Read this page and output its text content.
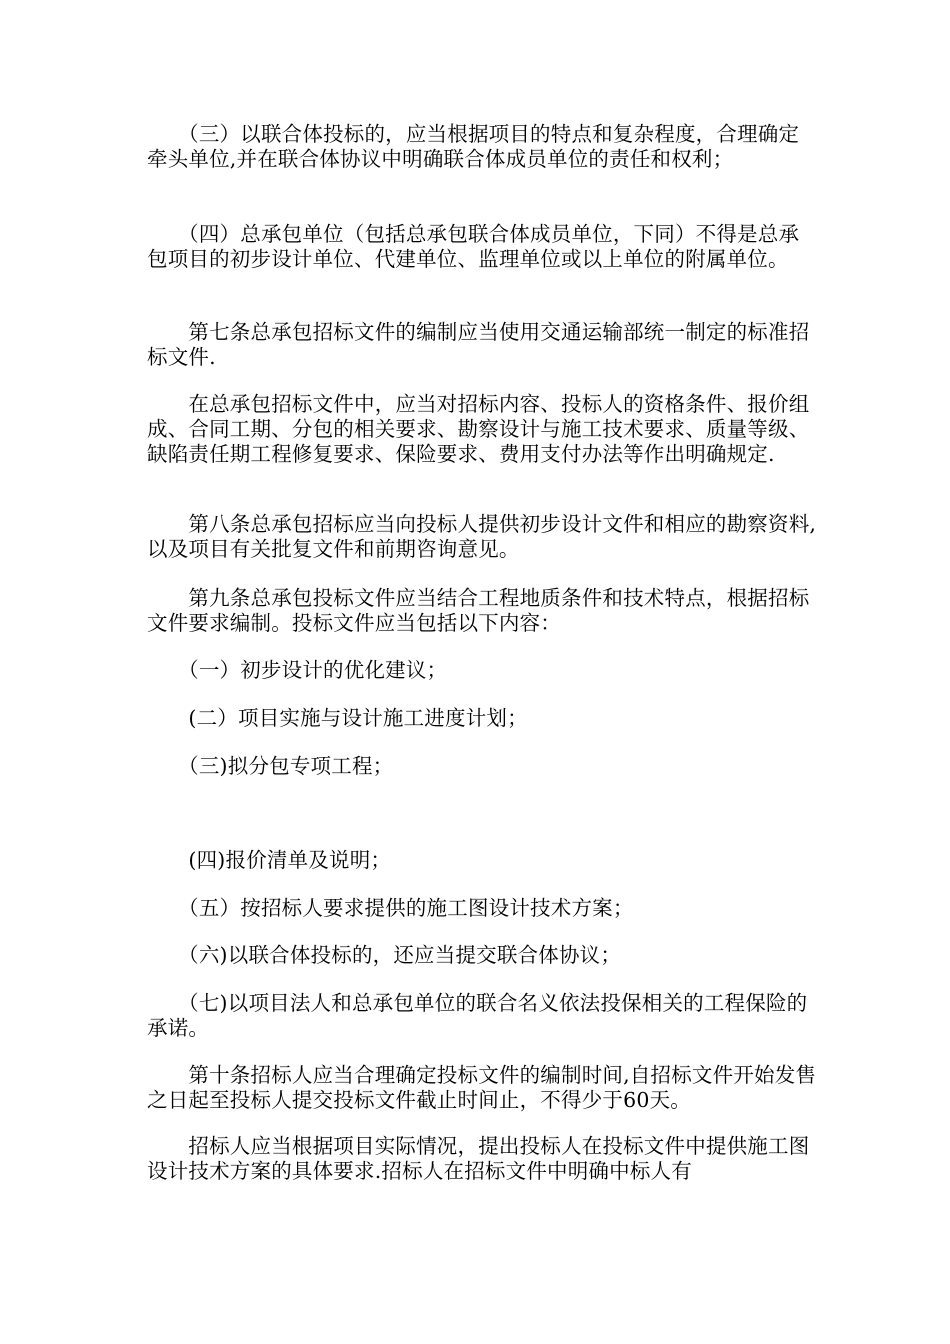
　　（三）以联合体投标的，应当根据项目的特点和复杂程度，合理确定牵头单位,并在联合体协议中明确联合体成员单位的责任和权利；

　　（四）总承包单位（包括总承包联合体成员单位，下同）不得是总承包项目的初步设计单位、代建单位、监理单位或以上单位的附属单位。

　　第七条总承包招标文件的编制应当使用交通运输部统一制定的标准招标文件.

　　在总承包招标文件中，应当对招标内容、投标人的资格条件、报价组成、合同工期、分包的相关要求、勘察设计与施工技术要求、质量等级、缺陷责任期工程修复要求、保险要求、费用支付办法等作出明确规定.

　　第八条总承包招标应当向投标人提供初步设计文件和相应的勘察资料,以及项目有关批复文件和前期咨询意见。

　　第九条总承包投标文件应当结合工程地质条件和技术特点，根据招标文件要求编制。投标文件应当包括以下内容：

　　（一）初步设计的优化建议；

　　(二）项目实施与设计施工进度计划；

　　（三)拟分包专项工程；

　　(四)报价清单及说明；

　　（五）按招标人要求提供的施工图设计技术方案；

　　（六)以联合体投标的，还应当提交联合体协议；

　　（七)以项目法人和总承包单位的联合名义依法投保相关的工程保险的承诺。

　　第十条招标人应当合理确定投标文件的编制时间,自招标文件开始发售之日起至投标人提交投标文件截止时间止，不得少于60天。

　　招标人应当根据项目实际情况，提出投标人在投标文件中提供施工图设计技术方案的具体要求.招标人在招标文件中明确中标人有
